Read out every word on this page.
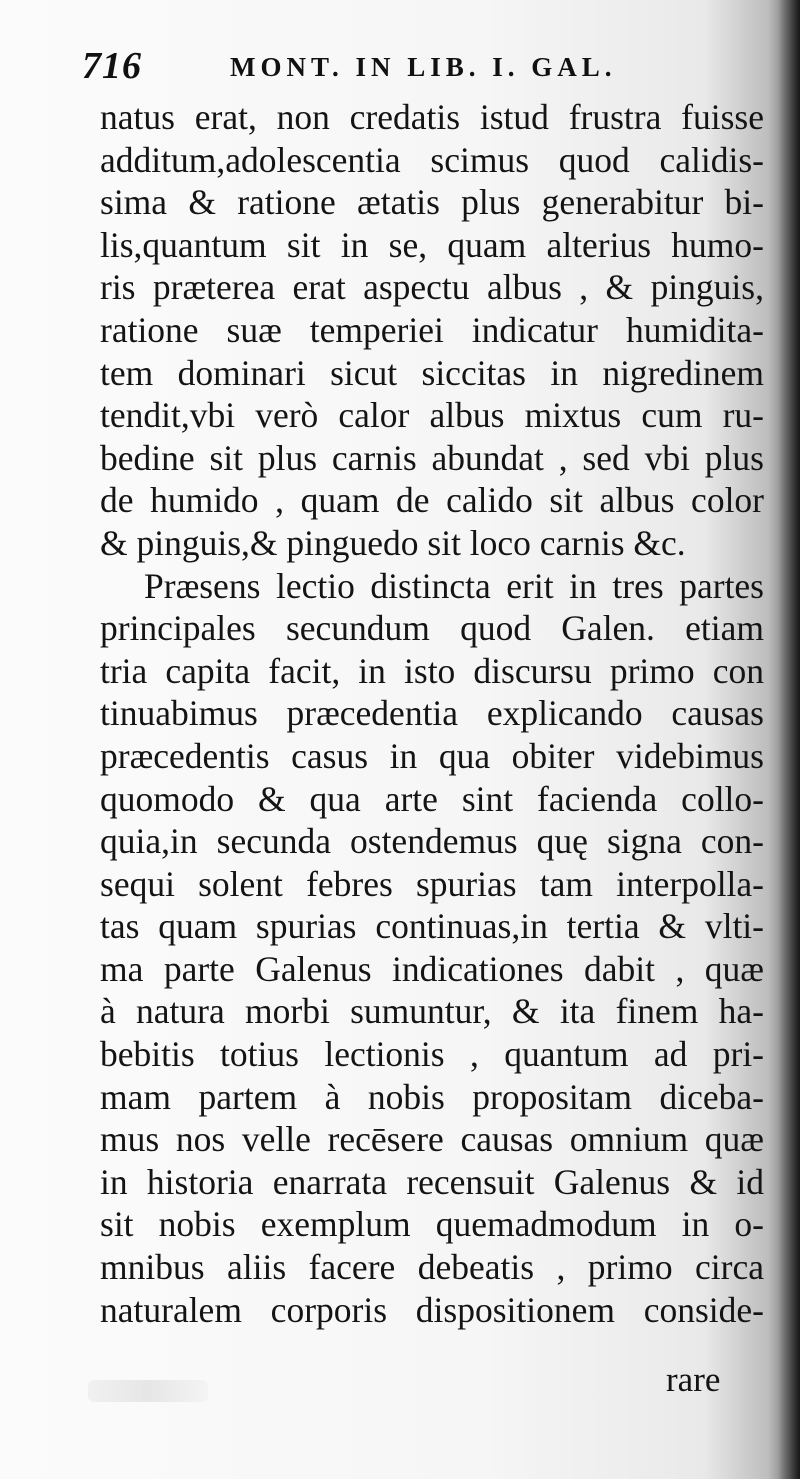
716	MONT. IN LIB. I. GAL.
natus erat, non credatis istud frustra fuisse
additum,adolescentia scimus quod calidis-
sima & ratione ætatis plus generabitur bi-
lis,quantum sit in se, quam alterius humo-
ris præterea erat aspectu albus , & pinguis,
ratione suæ temperiei indicatur humidita-
tem dominari sicut siccitas in nigredinem
tendit,vbi verò calor albus mixtus cum ru-
bedine sit plus carnis abundat , sed vbi plus
de humido , quam de calido sit albus color
& pinguis,& pinguedo sit loco carnis &c.
Præsens lectio distincta erit in tres partes
principales secundum quod Galen. etiam
tria capita facit, in isto discursu primo con
tinuabimus præcedentia explicando causas
præcedentis casus in qua obiter videbimus
quomodo & qua arte sint facienda collo-
quia,in secunda ostendemus quę signa con-
sequi solent febres spurias tam interpolla-
tas quam spurias continuas,in tertia & vlti-
ma parte Galenus indicationes dabit , quæ
à natura morbi sumuntur, & ita finem ha-
bebitis totius lectionis , quantum ad pri-
mam partem à nobis propositam diceba-
mus nos velle recēsere causas omnium quæ
in historia enarrata recensuit Galenus & id
sit nobis exemplum quemadmodum in o-
mnibus aliis facere debeatis , primo circa
naturalem corporis dispositionem conside-
rare
